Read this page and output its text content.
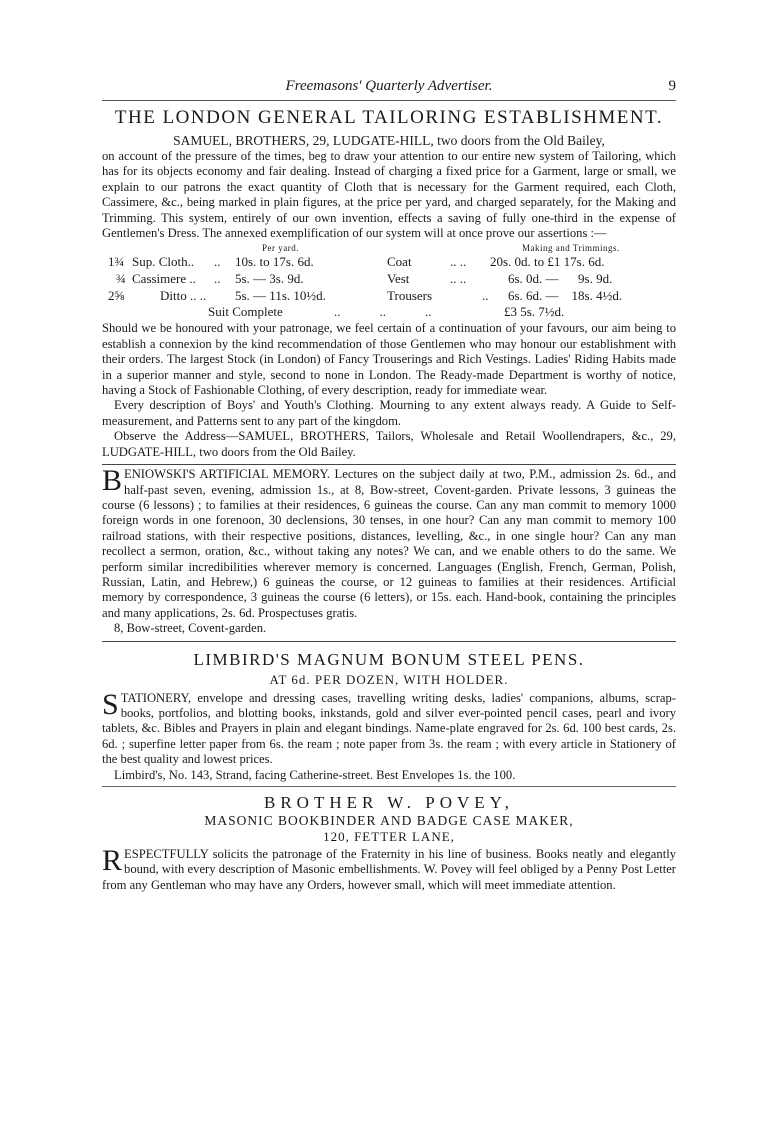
Freemasons' Quarterly Advertiser.	9
THE LONDON GENERAL TAILORING ESTABLISHMENT.
SAMUEL, BROTHERS, 29, LUDGATE-HILL, two doors from the Old Bailey,
on account of the pressure of the times, beg to draw your attention to our entire new system of Tailoring, which has for its objects economy and fair dealing. Instead of charging a fixed price for a Garment, large or small, we explain to our patrons the exact quantity of Cloth that is necessary for the Garment required, each Cloth, Cassimere, &c., being marked in plain figures, at the price per yard, and charged separately, for the Making and Trimming. This system, entirely of our own invention, effects a saving of fully one-third in the expense of Gentlemen's Dress. The annexed exemplification of our system will at once prove our assertions :—
Per yard.	Making and Trimmings.
1¾ Sup. Cloth.. .. 10s. to 17s. 6d.	Coat	.. .. 20s. 0d. to £1 17s. 6d.
¾ Cassimere .. .. 5s. — 3s. 9d.	Vest	.. ..	6s. 0d. —      9s. 9d.
2⅝	Ditto .. .. 5s. — 11s. 10½d.	Trousers	.. 6s. 6d. —    18s. 4½d.
Suit Complete	..            ..            ..	£3 5s. 7½d.
Should we be honoured with your patronage, we feel certain of a continuation of your favours, our aim being to establish a connexion by the kind recommendation of those Gentlemen who may honour our establishment with their orders. The largest Stock (in London) of Fancy Trouserings and Rich Vestings. Ladies' Riding Habits made in a superior manner and style, second to none in London. The Ready-made Department is worthy of notice, having a Stock of Fashionable Clothing, of every description, ready for immediate wear.
Every description of Boys' and Youth's Clothing. Mourning to any extent always ready. A Guide to Self-measurement, and Patterns sent to any part of the kingdom.
Observe the Address—SAMUEL, BROTHERS, Tailors, Wholesale and Retail Woollendrapers, &c., 29, LUDGATE-HILL, two doors from the Old Bailey.
B ENIOWSKI'S ARTIFICIAL MEMORY. Lectures on the subject daily at two, P.M., admission 2s. 6d., and half-past seven, evening, admission 1s., at 8, Bow-street, Covent-garden. Private lessons, 3 guineas the course (6 lessons) ; to families at their residences, 6 guineas the course. Can any man commit to memory 1000 foreign words in one forenoon, 30 declensions, 30 tenses, in one hour? Can any man commit to memory 100 railroad stations, with their respective positions, distances, levelling, &c., in one single hour? Can any man recollect a sermon, oration, &c., without taking any notes? We can, and we enable others to do the same. We perform similar incredibilities wherever memory is concerned. Languages (English, French, German, Polish, Russian, Latin, and Hebrew,) 6 guineas the course, or 12 guineas to families at their residences. Artificial memory by correspondence, 3 guineas the course (6 letters), or 15s. each. Hand-book, containing the principles and many applications, 2s. 6d. Prospectuses gratis.
8, Bow-street, Covent-garden.
LIMBIRD'S MAGNUM BONUM STEEL PENS.
AT 6d. PER DOZEN, WITH HOLDER.
S TATIONERY, envelope and dressing cases, travelling writing desks, ladies' companions, albums, scrap-books, portfolios, and blotting books, inkstands, gold and silver ever-pointed pencil cases, pearl and ivory tablets, &c. Bibles and Prayers in plain and elegant bindings. Name-plate engraved for 2s. 6d. 100 best cards, 2s. 6d. ; superfine letter paper from 6s. the ream ; note paper from 3s. the ream ; with every article in Stationery of the best quality and lowest prices.
Limbird's, No. 143, Strand, facing Catherine-street. Best Envelopes 1s. the 100.
BROTHER W. POVEY,
MASONIC BOOKBINDER AND BADGE CASE MAKER,
120, FETTER LANE,
R ESPECTFULLY solicits the patronage of the Fraternity in his line of business. Books neatly and elegantly bound, with every description of Masonic embellishments. W. Povey will feel obliged by a Penny Post Letter from any Gentleman who may have any Orders, however small, which will meet immediate attention.
